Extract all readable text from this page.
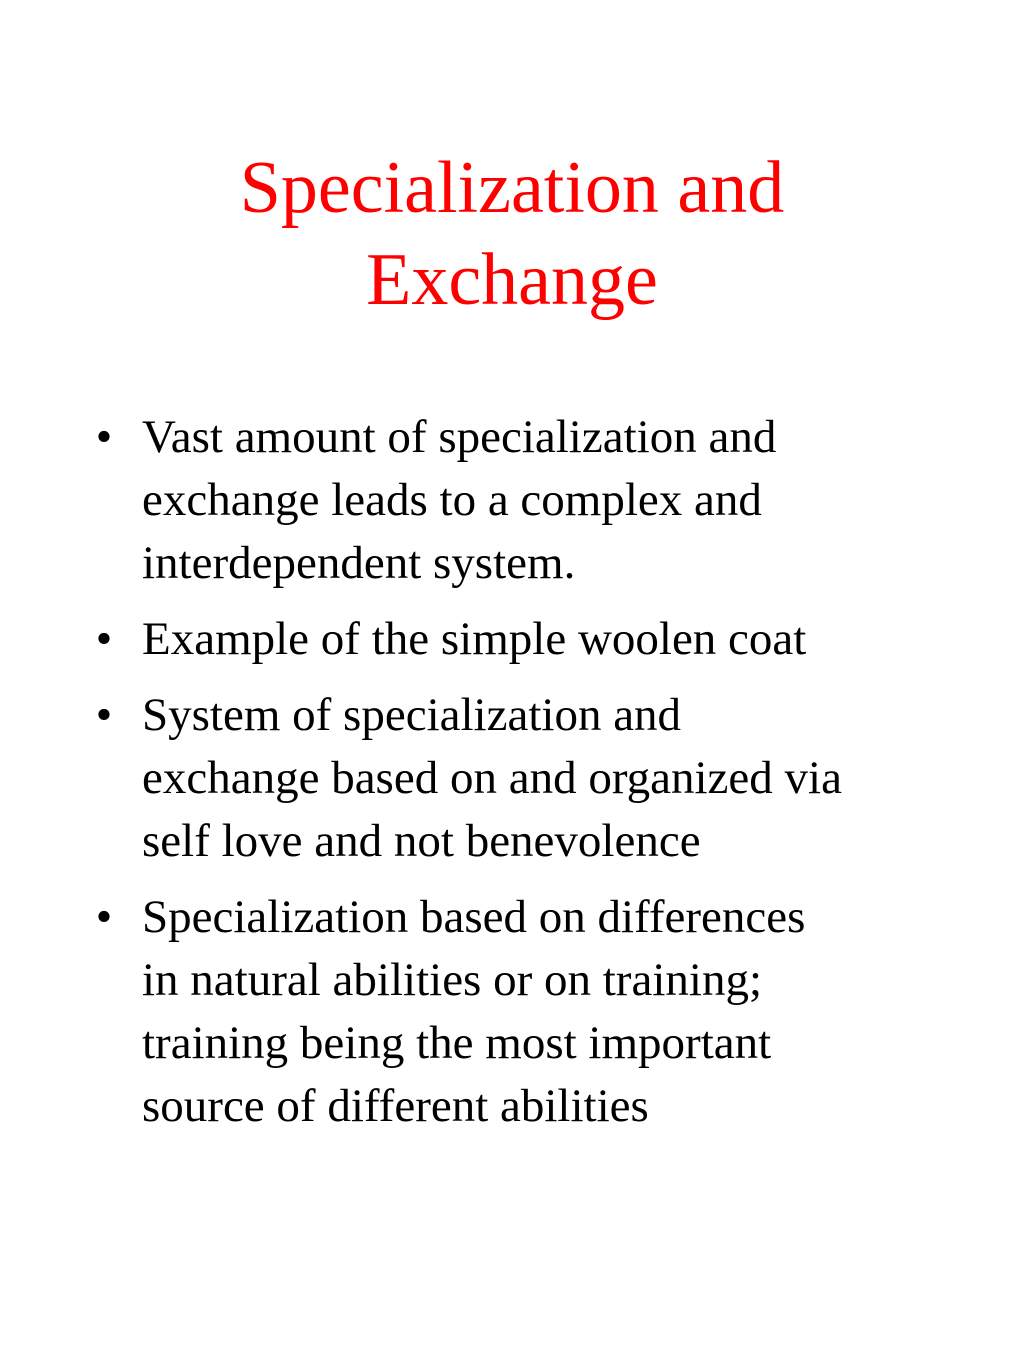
Specialization and
Exchange
• Vast amount of specialization and
exchange leads to a complex and
interdependent system.
• Example of the simple woolen coat
• System of specialization and
exchange based on and organized via
self love and not benevolence
• Specialization based on differences
in natural abilities or on training;
training being the most important
source of different abilities
